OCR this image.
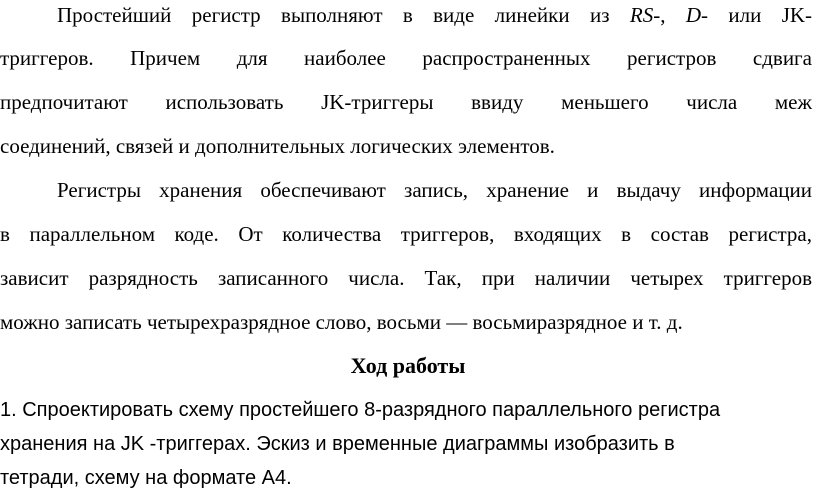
Простейший регистр выполняют в виде линейки из RS-, D- или JK-
триггеров. Причем для наиболее распространенных регистров сдвига
предпочитают использовать JK-триггеры ввиду меньшего числа меж
соединений, связей и дополнительных логических элементов.
Регистры хранения обеспечивают запись, хранение и выдачу информации
в параллельном коде. От количества триггеров, входящих в состав регистра,
зависит разрядность записанного числа. Так, при наличии четырех триггеров
можно записать четырехразрядное слово, восьми — восьмиразрядное и т. д.
Ход работы
1. Спроектировать схему простейшего 8-разрядного параллельного регистра
хранения на JK -триггерах. Эскиз и временные диаграммы изобразить в
тетради, схему на формате А4.
